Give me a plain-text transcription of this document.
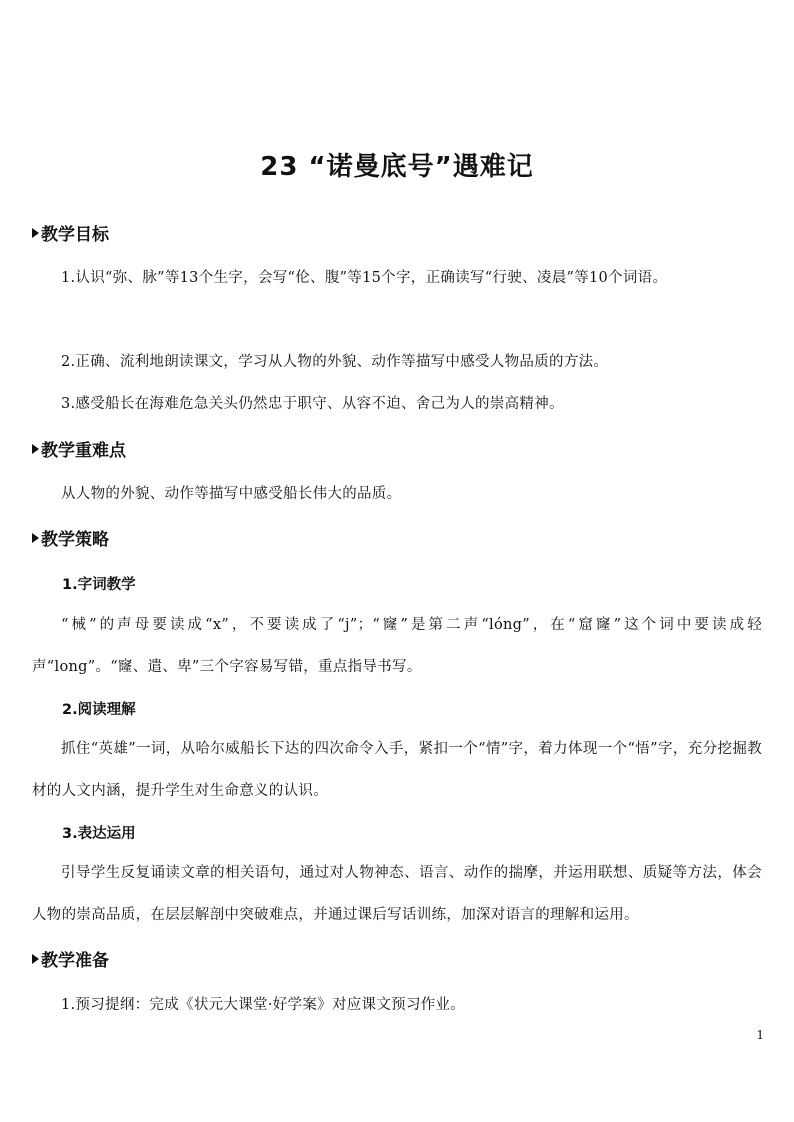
23 “诺曼底号”遇难记
教学目标
1.认识“弥、脉”等13个生字，会写“伦、腹”等15个字，正确读写“行驶、凌晨”等10个词语。
2.正确、流利地朗读课文，学习从人物的外貌、动作等描写中感受人物品质的方法。
3.感受船长在海难危急关头仍然忠于职守、从容不迫、舍己为人的崇高精神。
教学重难点
从人物的外貌、动作等描写中感受船长伟大的品质。
教学策略
1.字词教学
“械”的声母要读成“x”，不要读成了“j”；“窿”是第二声“lóng”，在“窟窿”这个词中要读成轻声“long”。“窿、遣、卑”三个字容易写错，重点指导书写。
2.阅读理解
抓住“英雄”一词，从哈尔威船长下达的四次命令入手，紧扣一个“情”字，着力体现一个“悟”字，充分挖掘教材的人文内涵，提升学生对生命意义的认识。
3.表达运用
引导学生反复诵读文章的相关语句，通过对人物神态、语言、动作的揣摩，并运用联想、质疑等方法，体会人物的崇高品质，在层层解剖中突破难点，并通过课后写话训练，加深对语言的理解和运用。
教学准备
1.预习提纲：完成《状元大课堂·好学案》对应课文预习作业。
1
